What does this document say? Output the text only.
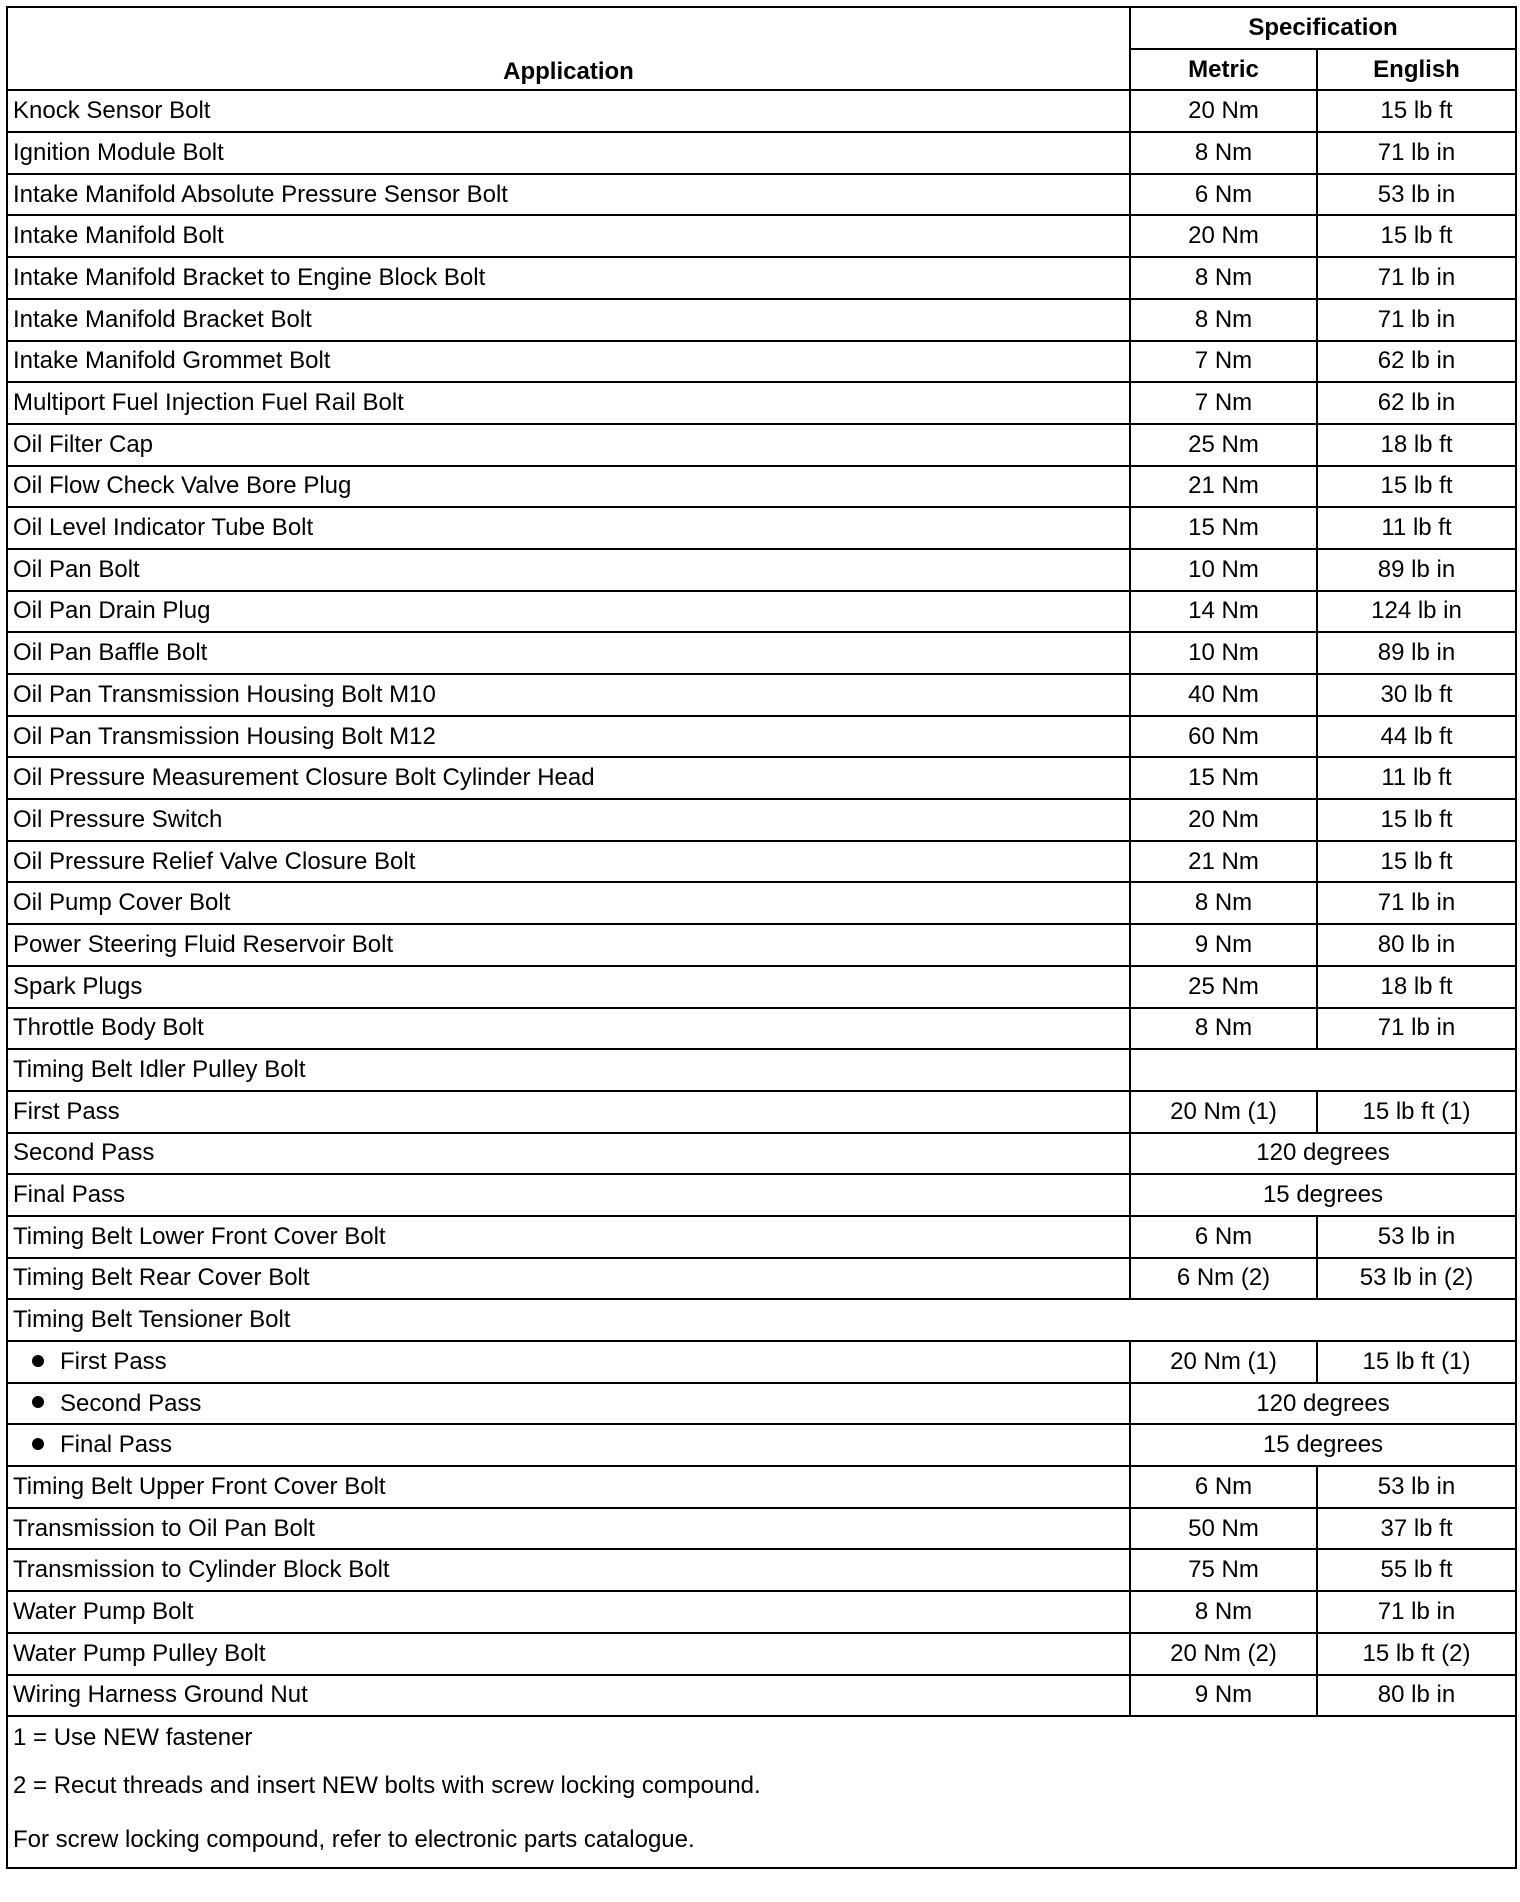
Application	Specification	
	Metric	English
Knock Sensor Bolt	20 Nm	15 lb ft
Ignition Module Bolt	8 Nm	71 lb in
Intake Manifold Absolute Pressure Sensor Bolt	6 Nm	53 lb in
Intake Manifold Bolt	20 Nm	15 lb ft
Intake Manifold Bracket to Engine Block Bolt	8 Nm	71 lb in
Intake Manifold Bracket Bolt	8 Nm	71 lb in
Intake Manifold Grommet Bolt	7 Nm	62 lb in
Multiport Fuel Injection Fuel Rail Bolt	7 Nm	62 lb in
Oil Filter Cap	25 Nm	18 lb ft
Oil Flow Check Valve Bore Plug	21 Nm	15 lb ft
Oil Level Indicator Tube Bolt	15 Nm	11 lb ft
Oil Pan Bolt	10 Nm	89 lb in
Oil Pan Drain Plug	14 Nm	124 lb in
Oil Pan Baffle Bolt	10 Nm	89 lb in
Oil Pan Transmission Housing Bolt M10	40 Nm	30 lb ft
Oil Pan Transmission Housing Bolt M12	60 Nm	44 lb ft
Oil Pressure Measurement Closure Bolt Cylinder Head	15 Nm	11 lb ft
Oil Pressure Switch	20 Nm	15 lb ft
Oil Pressure Relief Valve Closure Bolt	21 Nm	15 lb ft
Oil Pump Cover Bolt	8 Nm	71 lb in
Power Steering Fluid Reservoir Bolt	9 Nm	80 lb in
Spark Plugs	25 Nm	18 lb ft
Throttle Body Bolt	8 Nm	71 lb in
Timing Belt Idler Pulley Bolt		
First Pass	20 Nm (1)	15 lb ft (1)
Second Pass	120 degrees	
Final Pass	15 degrees	
Timing Belt Lower Front Cover Bolt	6 Nm	53 lb in
Timing Belt Rear Cover Bolt	6 Nm (2)	53 lb in (2)
Timing Belt Tensioner Bolt		
First Pass	20 Nm (1)	15 lb ft (1)
Second Pass	120 degrees	
Final Pass	15 degrees	
Timing Belt Upper Front Cover Bolt	6 Nm	53 lb in
Transmission to Oil Pan Bolt	50 Nm	37 lb ft
Transmission to Cylinder Block Bolt	75 Nm	55 lb ft
Water Pump Bolt	8 Nm	71 lb in
Water Pump Pulley Bolt	20 Nm (2)	15 lb ft (2)
Wiring Harness Ground Nut	9 Nm	80 lb in
1 = Use NEW fastener		
2 = Recut threads and insert NEW bolts with screw locking compound.		
For screw locking compound, refer to electronic parts catalogue.		
